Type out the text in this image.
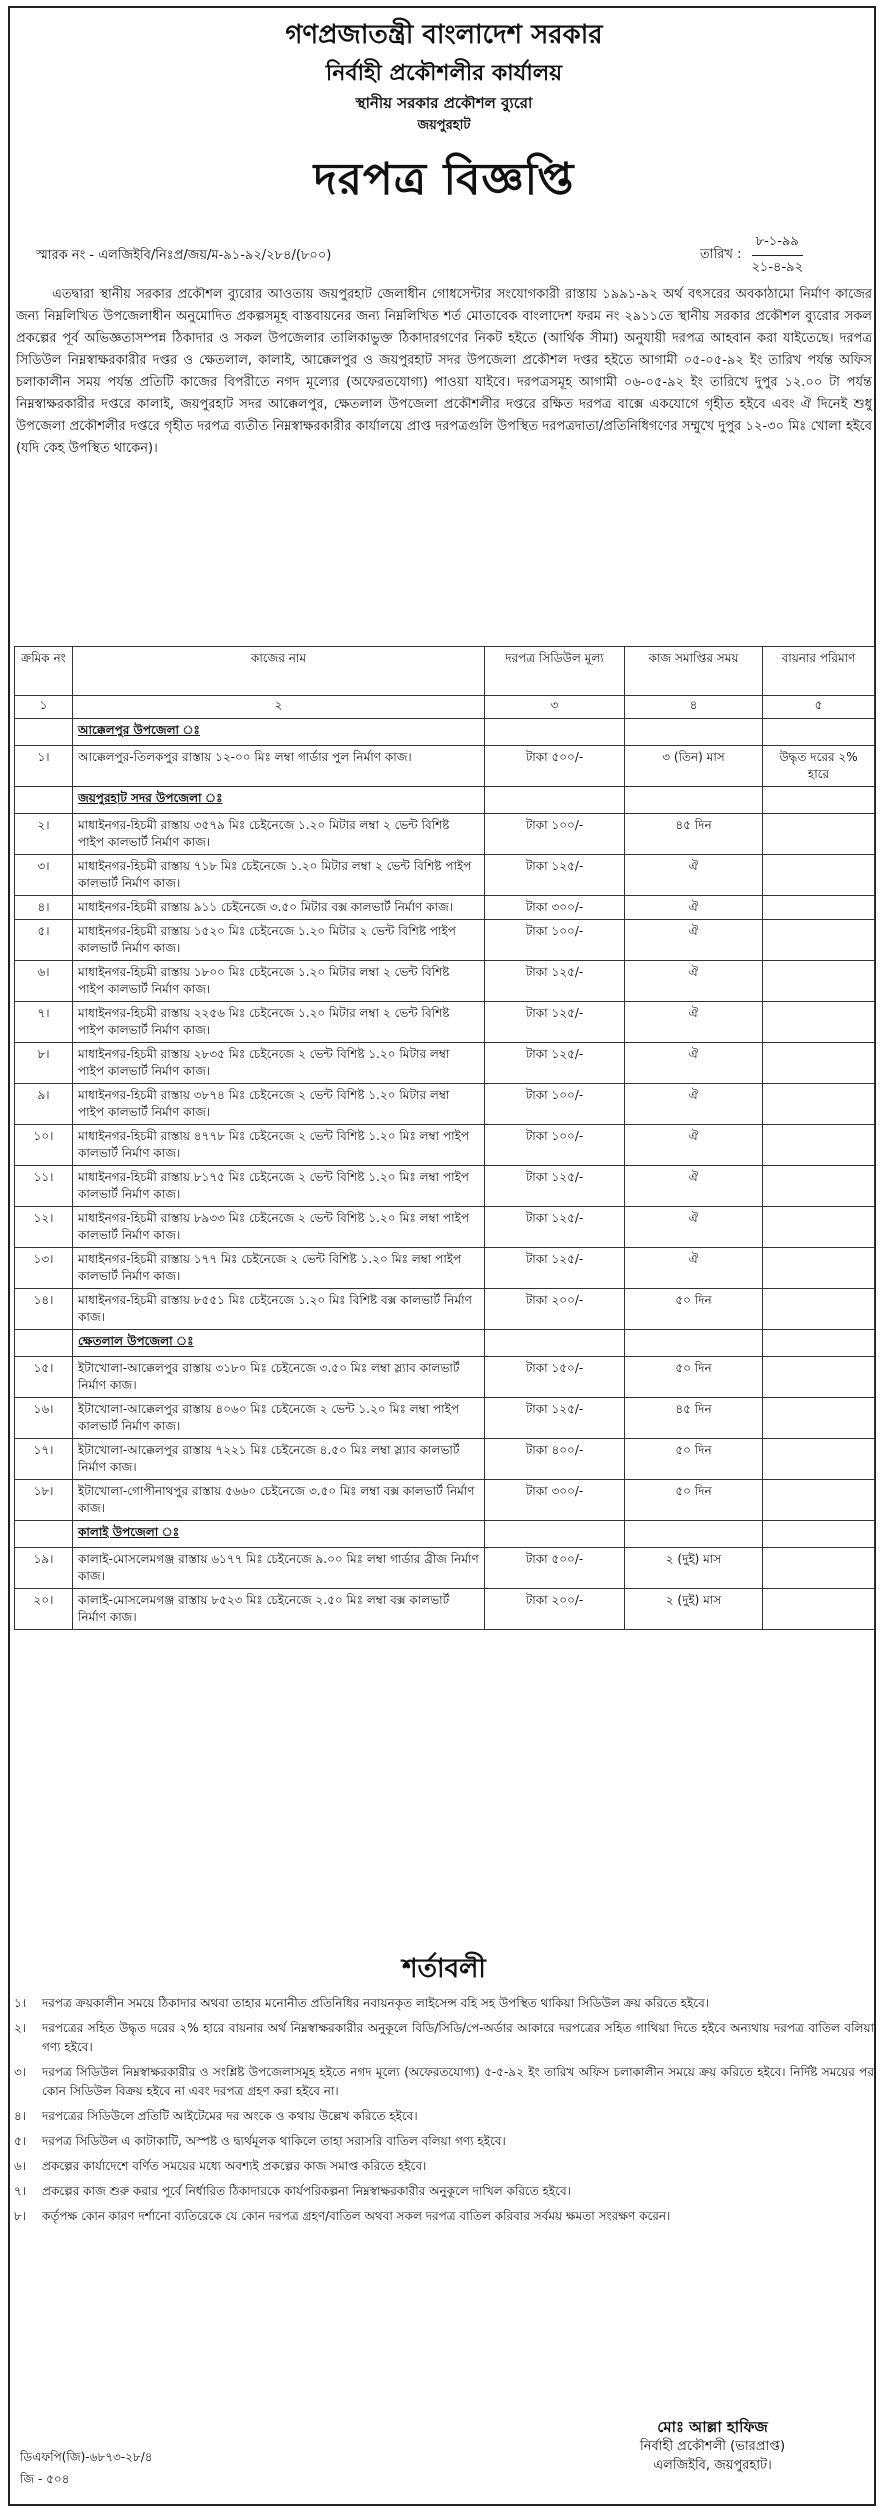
গণপ্রজাতন্ত্রী বাংলাদেশ সরকার
নির্বাহী প্রকৌশলীর কার্যালয়
স্থানীয় সরকার প্রকৌশল ব্যুরো
জয়পুরহাট
দরপত্র বিজ্ঞপ্তি
স্মারক নং - এলজিইবি/নিঃপ্র/জয়/ম-৯১-৯২/২৮৪/(৮০০)	তারিখ :
৮-১-৯৯
২১-৪-৯২
এতদ্বারা স্থানীয় সরকার প্রকৌশল ব্যুরোর আওতায় জয়পুরহাট জেলাধীন গোধসেন্টার সংযোগকারী রাস্তায় ১৯৯১-৯২ অর্থ বৎসরের অবকাঠামো নির্মাণ কাজের জন্য নিম্নলিখিত উপজেলাধীন অনুমোদিত প্রকল্পসমূহ বাস্তবায়নের জন্য নিম্নলিখিত শর্ত মোতাবেক বাংলাদেশ ফরম নং ২৯১১তে স্থানীয় সরকার প্রকৌশল ব্যুরোর সকল প্রকল্পের পূর্ব অভিজ্ঞতাসম্পন্ন ঠিকাদার ও সকল উপজেলার তালিকাভুক্ত ঠিকাদারগণের নিকট হইতে (আর্থিক সীমা) অনুযায়ী দরপত্র আহবান করা যাইতেছে। দরপত্র সিডিউল নিম্নস্বাক্ষরকারীর দপ্তর ও ক্ষেতলাল, কালাই, আক্কেলপুর ও জয়পুরহাট সদর উপজেলা প্রকৌশল দপ্তর হইতে আগামী ০৫-০৫-৯২ ইং তারিখ পর্যন্ত অফিস চলাকালীন সময় পর্যন্ত প্রতিটি কাজের বিপরীতে নগদ মূল্যের (অফেরতযোগ্য) পাওয়া যাইবে। দরপত্রসমূহ আগামী ০৬-০৫-৯২ ইং তারিখে দুপুর ১২.০০ টা পর্যন্ত নিম্নস্বাক্ষরকারীর দপ্তরে কালাই, জয়পুরহাট সদর আক্কেলপুর, ক্ষেতলাল উপজেলা প্রকৌশলীর দপ্তরে রক্ষিত দরপত্র বাক্সে একযোগে গৃহীত হইবে এবং ঐ দিনেই শুধু উপজেলা প্রকৌশলীর দপ্তরে গৃহীত দরপত্র ব্যতীত নিম্নস্বাক্ষরকারীর কার্যালয়ে প্রাপ্ত দরপত্রগুলি উপস্থিত দরপত্রদাতা/প্রতিনিধিগণের সম্মুখে দুপুর ১২-৩০ মিঃ খোলা হইবে (যদি কেহ উপস্থিত থাকেন)।
ক্রমিক নং	কাজের নাম	দরপত্র সিডিউল মূল্য	কাজ সমাপ্তির সময়	বায়নার পরিমাণ
১	২	৩	৪	৫
	আক্কেলপুর উপজেলা ঃ			
১।	আক্কেলপুর-তিলকপুর রাস্তায় ১২-০০ মিঃ লম্বা গার্ডার পুল নির্মাণ কাজ।	টাকা ৫০০/-	৩ (তিন) মাস	উদ্ধৃত দরের ২% হারে
	জয়পুরহাট সদর উপজেলা ঃ			
২।	মাধাইনগর-হিচমী রাস্তায় ৩৫৭৯ মিঃ চেইনেজে ১.২০ মিটার লম্বা ২ ভেন্ট বিশিষ্ট পাইপ কালভার্ট নির্মাণ কাজ।	টাকা ১০০/-	৪৫ দিন	
৩।	মাধাইনগর-হিচমী রাস্তায় ৭১৮ মিঃ চেইনেজে ১.২০ মিটার লম্বা ২ ভেন্ট বিশিষ্ট পাইপ কালভার্ট নির্মাণ কাজ।	টাকা ১২৫/-	ঐ	
৪।	মাধাইনগর-হিচমী রাস্তায় ৯১১ চেইনেজে ৩.৫০ মিটার বক্স কালভার্ট নির্মাণ কাজ।	টাকা ৩০০/-	ঐ	
৫।	মাধাইনগর-হিচমী রাস্তায় ১৫২০ মিঃ চেইনেজে ১.২০ মিটার ২ ভেন্ট বিশিষ্ট পাইপ কালভার্ট নির্মাণ কাজ।	টাকা ১০০/-	ঐ	
৬।	মাধাইনগর-হিচমী রাস্তায় ১৮০০ মিঃ চেইনেজে ১.২০ মিটার লম্বা ২ ভেন্ট বিশিষ্ট পাইপ কালভার্ট নির্মাণ কাজ।	টাকা ১২৫/-	ঐ	
৭।	মাধাইনগর-হিচমী রাস্তায় ২২৫৬ মিঃ চেইনেজে ১.২০ মিটার লম্বা ২ ভেন্ট বিশিষ্ট পাইপ কালভার্ট নির্মাণ কাজ।	টাকা ১২৫/-	ঐ	
৮।	মাধাইনগর-হিচমী রাস্তায় ২৮৩৫ মিঃ চেইনেজে ২ ভেন্ট বিশিষ্ট ১.২০ মিটার লম্বা পাইপ কালভার্ট নির্মাণ কাজ।	টাকা ১২৫/-	ঐ	
৯।	মাধাইনগর-হিচমী রাস্তায় ৩৮৭৪ মিঃ চেইনেজে ২ ভেন্ট বিশিষ্ট ১.২০ মিটার লম্বা পাইপ কালভার্ট নির্মাণ কাজ।	টাকা ১০০/-	ঐ	
১০।	মাধাইনগর-হিচমী রাস্তায় ৪৭৭৮ মিঃ চেইনেজে ২ ভেন্ট বিশিষ্ট ১.২০ মিঃ লম্বা পাইপ কালভার্ট নির্মাণ কাজ।	টাকা ১০০/-	ঐ	
১১।	মাধাইনগর-হিচমী রাস্তায় ৮১৭৫ মিঃ চেইনেজে ২ ভেন্ট বিশিষ্ট ১.২০ মিঃ লম্বা পাইপ কালভার্ট নির্মাণ কাজ।	টাকা ১২৫/-	ঐ	
১২।	মাধাইনগর-হিচমী রাস্তায় ৮৯৩৩ মিঃ চেইনেজে ২ ভেন্ট বিশিষ্ট ১.২০ মিঃ লম্বা পাইপ কালভার্ট নির্মাণ কাজ।	টাকা ১২৫/-	ঐ	
১৩।	মাধাইনগর-হিচমী রাস্তায় ১৭৭ মিঃ চেইনেজে ২ ভেন্ট বিশিষ্ট ১.২০ মিঃ লম্বা পাইপ কালভার্ট নির্মাণ কাজ।	টাকা ১২৫/-	ঐ	
১৪।	মাধাইনগর-হিচমী রাস্তায় ৮৫৫১ মিঃ চেইনেজে ১.২০ মিঃ বিশিষ্ট বক্স কালভার্ট নির্মাণ কাজ।	টাকা ২০০/-	৫০ দিন	
	ক্ষেতলাল উপজেলা ঃ			
১৫।	ইটাখোলা-আক্কেলপুর রাস্তায় ৩১৮০ মিঃ চেইনেজে ৩.৫০ মিঃ লম্বা স্ল্যাব কালভার্ট নির্মাণ কাজ।	টাকা ১৫০/-	৫০ দিন	
১৬।	ইটাখোলা-আক্কেলপুর রাস্তায় ৪০৬০ মিঃ চেইনেজে ২ ভেন্ট ১.২০ মিঃ লম্বা পাইপ কালভার্ট নির্মাণ কাজ।	টাকা ১২৫/-	৪৫ দিন	
১৭।	ইটাখোলা-আক্কেলপুর রাস্তায় ৭২২১ মিঃ চেইনেজে ৪.৫০ মিঃ লম্বা স্ল্যাব কালভার্ট নির্মাণ কাজ।	টাকা ৪০০/-	৫০ দিন	
১৮।	ইটাখোলা-গোপীনাথপুর রাস্তায় ৫৬৬০ চেইনেজে ৩.৫০ মিঃ লম্বা বক্স কালভার্ট নির্মাণ কাজ।	টাকা ৩০০/-	৫০ দিন	
	কালাই উপজেলা ঃ			
১৯।	কালাই-মোসলেমগঞ্জ রাস্তায় ৬১৭৭ মিঃ চেইনেজে ৯.০০ মিঃ লম্বা গার্ডার ব্রীজ নির্মাণ কাজ।	টাকা ৫০০/-	২ (দুই) মাস	
২০।	কালাই-মোসলেমগঞ্জ রাস্তায় ৮৫২৩ মিঃ চেইনেজে ২.৫০ মিঃ লম্বা বক্স কালভার্ট নির্মাণ কাজ।	টাকা ২০০/-	২ (দুই) মাস	
শর্তাবলী
১।	দরপত্র ক্রয়কালীন সময়ে ঠিকাদার অথবা তাহার মনোনীত প্রতিনিধির নবায়নকৃত লাইসেন্স বহি সহ উপস্থিত থাকিয়া সিডিউল ক্রয় করিতে হইবে।
২।	দরপত্রের সহিত উদ্ধৃত দরের ২% হারে বায়নার অর্থ নিম্নস্বাক্ষরকারীর অনুকূলে বিডি/সিডি/পে-অর্ডার আকারে দরপত্রের সহিত গাথিয়া দিতে হইবে অন্যথায় দরপত্র বাতিল বলিয়া গণ্য হইবে।
৩।	দরপত্র সিডিউল নিম্নস্বাক্ষরকারীর ও সংশ্লিষ্ট উপজেলাসমূহ হইতে নগদ মূল্যে (অফেরতযোগ্য) ৫-৫-৯২ ইং তারিখ অফিস চলাকালীন সময়ে ক্রয় করিতে হইবে। নির্দিষ্ট সময়ের পর কোন সিডিউল বিক্রয় হইবে না এবং দরপত্র গ্রহণ করা হইবে না।
৪।	দরপত্রের সিডিউলে প্রতিটি আইটেমের দর অংকে ও কথায় উল্লেখ করিতে হইবে।
৫।	দরপত্র সিডিউল এ কাটাকাটি, অস্পষ্ট ও দ্ব্যর্থমূলক থাকিলে তাহা সরাসরি বাতিল বলিয়া গণ্য হইবে।
৬।	প্রকল্পের কার্যাদেশে বর্ণিত সময়ের মধ্যে অবশ্যই প্রকল্পের কাজ সমাপ্ত করিতে হইবে।
৭।	প্রকল্পের কাজ শুরু করার পূর্বে নির্ধারিত ঠিকাদারকে কার্যপরিকল্পনা নিম্নস্বাক্ষরকারীর অনুকূলে দাখিল করিতে হইবে।
৮।	কর্তৃপক্ষ কোন কারণ দর্শানো ব্যতিরেকে যে কোন দরপত্র গ্রহণ/বাতিল অথবা সকল দরপত্র বাতিল করিবার সর্বময় ক্ষমতা সংরক্ষণ করেন।
মোঃ আল্লা হাফিজ
নির্বাহী প্রকৌশলী (ভারপ্রাপ্ত)
এলজিইবি, জয়পুরহাট।
ডিএফপি(জি)-৬৮৭৩-২৮/৪
জি - ৫০৪
